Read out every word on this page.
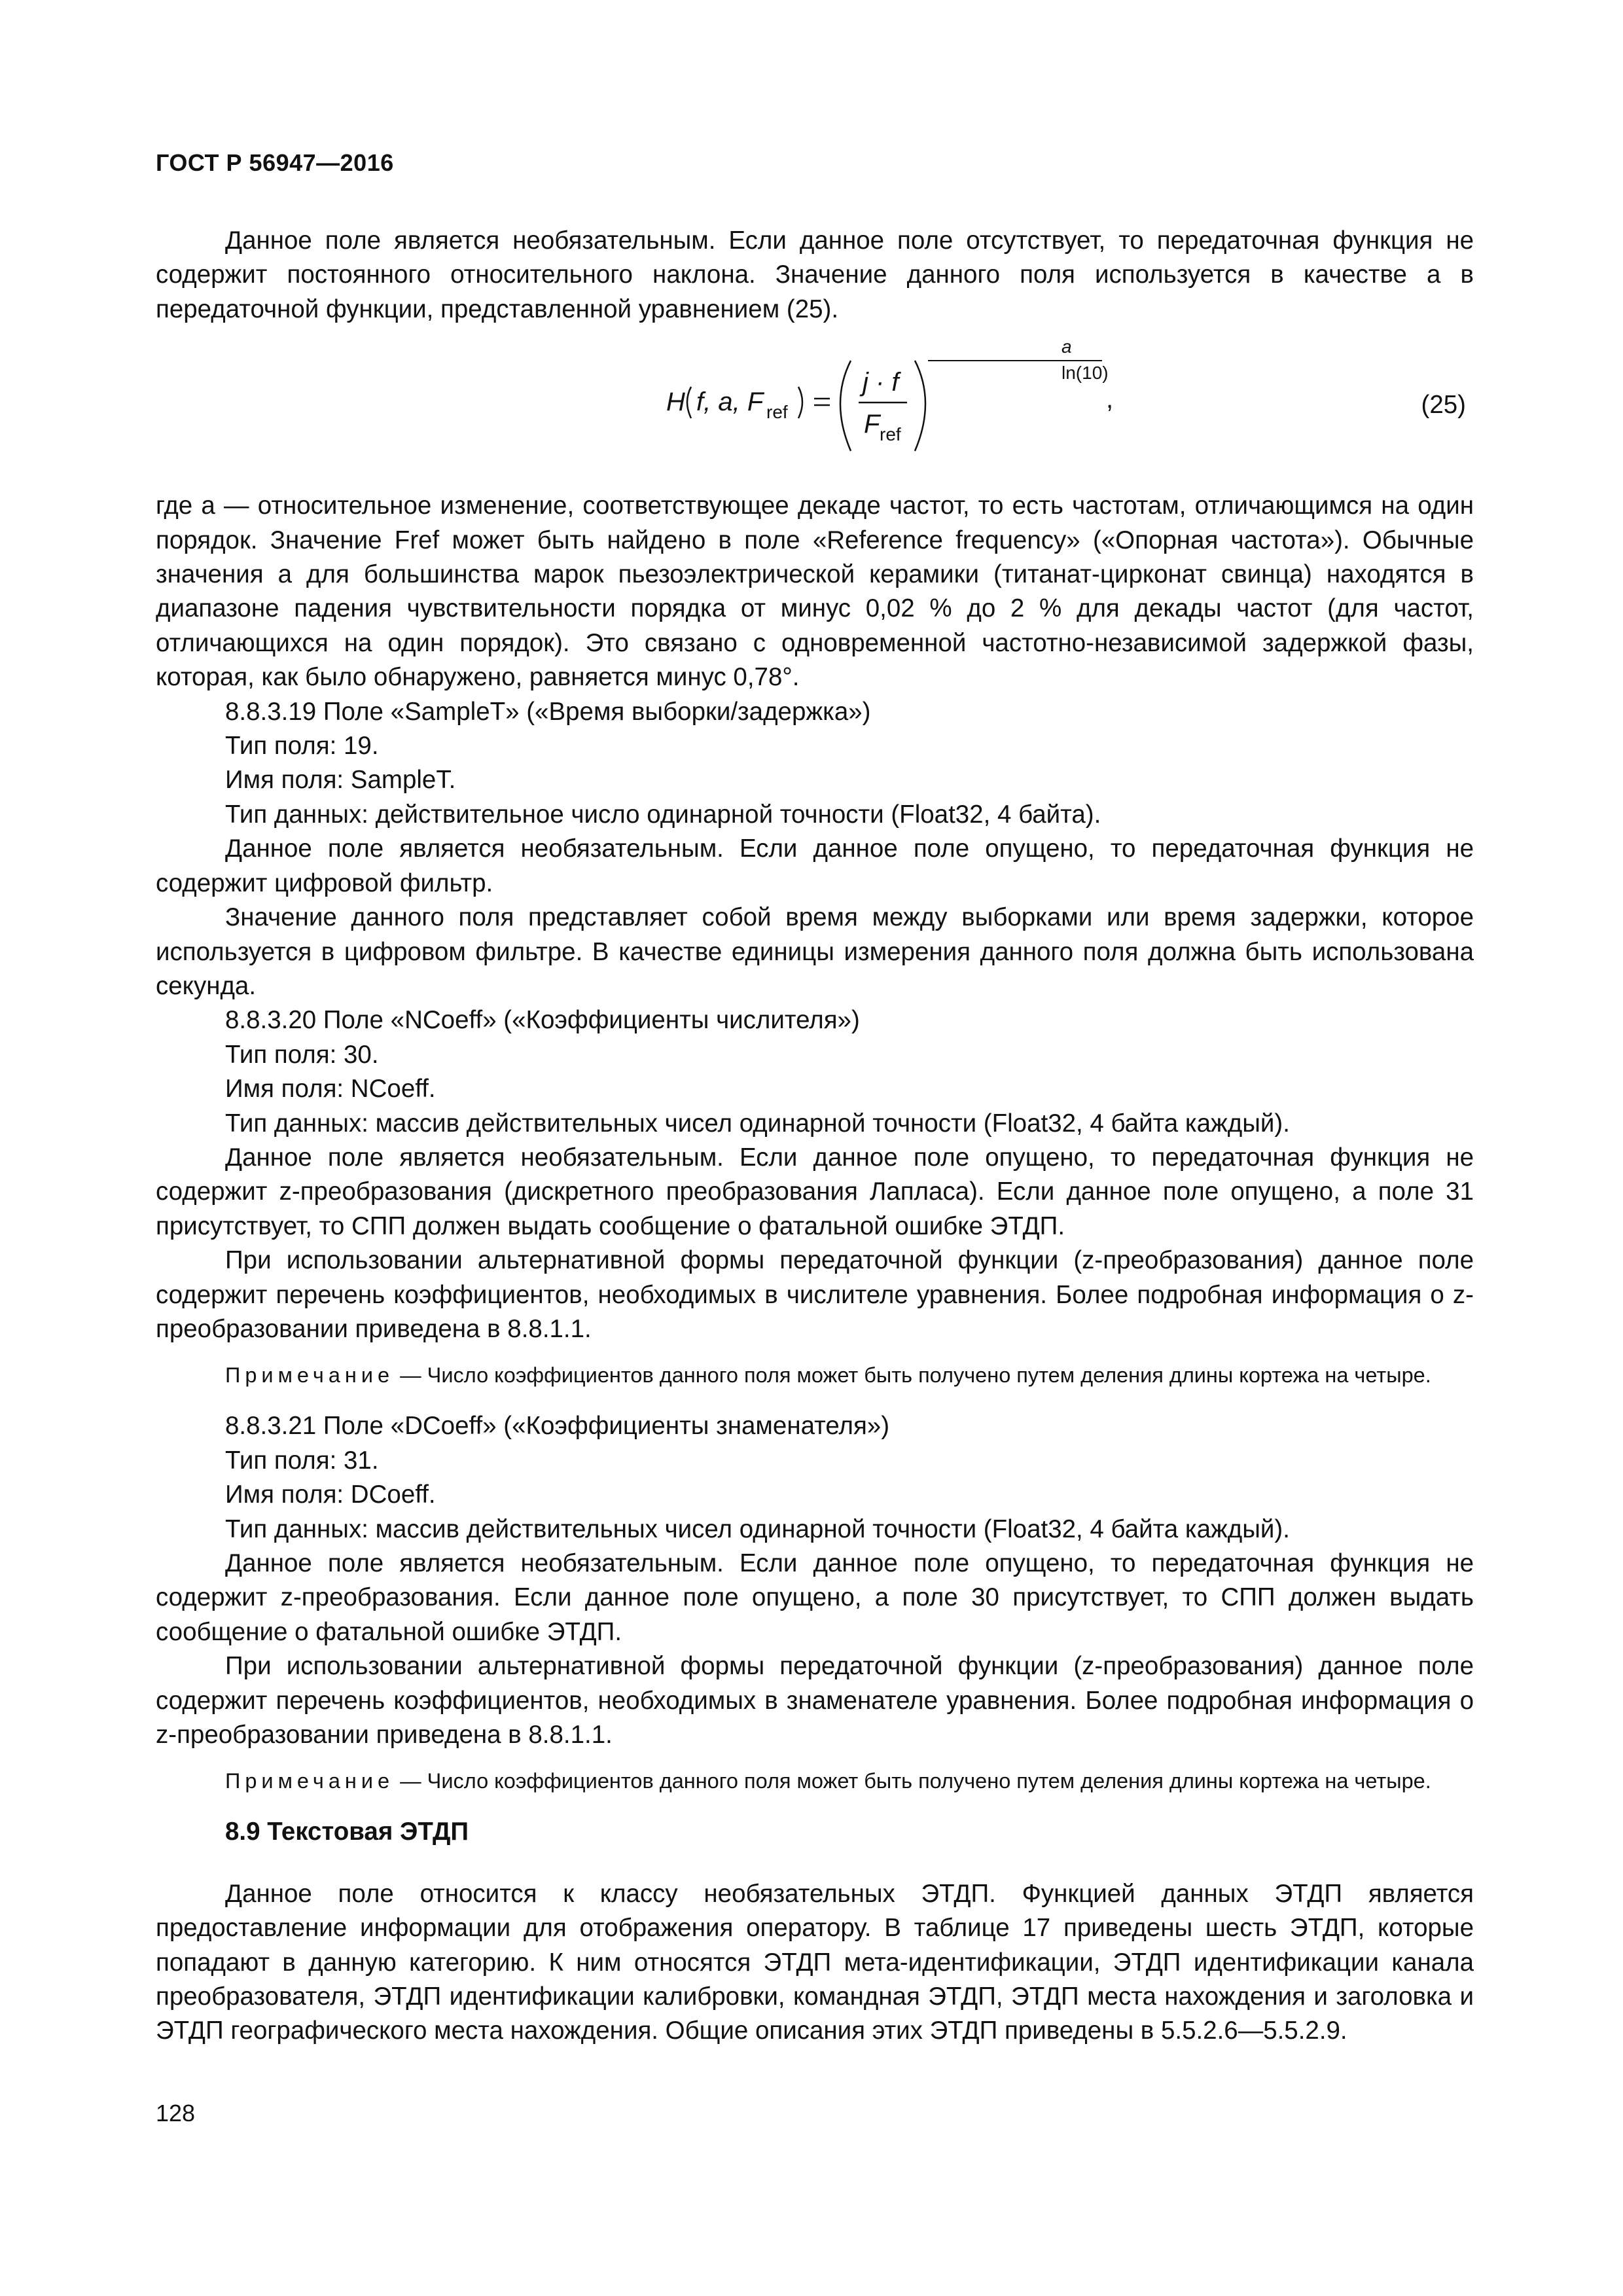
ГОСТ Р 56947—2016

Данное поле является необязательным. Если данное поле отсутствует, то передаточная функция не содержит постоянного относительного наклона. Значение данного поля используется в качестве a в передаточной функции, представленной уравнением (25).

H f, a, F ref
j · f
F ref
a
ln(10)
,	(25)

где a — относительное изменение, соответствующее декаде частот, то есть частотам, отличающимся на один порядок. Значение Fref может быть найдено в поле «Reference frequency» («Опорная частота»). Обычные значения a для большинства марок пьезоэлектрической керамики (титанат-цирконат свинца) находятся в диапазоне падения чувствительности порядка от минус 0,02 % до 2 % для декады частот (для частот, отличающихся на один порядок). Это связано с одновременной частотно-независимой задержкой фазы, которая, как было обнаружено, равняется минус 0,78°.

8.8.3.19 Поле «SampleT» («Время выборки/задержка»)

Тип поля: 19.

Имя поля: SampleT.

Тип данных: действительное число одинарной точности (Float32, 4 байта).

Данное поле является необязательным. Если данное поле опущено, то передаточная функция не содержит цифровой фильтр.

Значение данного поля представляет собой время между выборками или время задержки, которое используется в цифровом фильтре. В качестве единицы измерения данного поля должна быть использована секунда.

8.8.3.20 Поле «NCoeff» («Коэффициенты числителя»)

Тип поля: 30.

Имя поля: NCoeff.

Тип данных: массив действительных чисел одинарной точности (Float32, 4 байта каждый).

Данное поле является необязательным. Если данное поле опущено, то передаточная функция не содержит z-преобразования (дискретного преобразования Лапласа). Если данное поле опущено, а поле 31 присутствует, то СПП должен выдать сообщение о фатальной ошибке ЭТДП.

При использовании альтернативной формы передаточной функции (z-преобразования) данное поле содержит перечень коэффициентов, необходимых в числителе уравнения. Более подробная информация о z-преобразовании приведена в 8.8.1.1.

Примечание — Число коэффициентов данного поля может быть получено путем деления длины кортежа на четыре.

8.8.3.21 Поле «DCoeff» («Коэффициенты знаменателя»)

Тип поля: 31.

Имя поля: DCoeff.

Тип данных: массив действительных чисел одинарной точности (Float32, 4 байта каждый).

Данное поле является необязательным. Если данное поле опущено, то передаточная функция не содержит z-преобразования. Если данное поле опущено, а поле 30 присутствует, то СПП должен выдать сообщение о фатальной ошибке ЭТДП.

При использовании альтернативной формы передаточной функции (z-преобразования) данное поле содержит перечень коэффициентов, необходимых в знаменателе уравнения. Более подробная информация о z-преобразовании приведена в 8.8.1.1.

Примечание — Число коэффициентов данного поля может быть получено путем деления длины кортежа на четыре.
8.9 Текстовая ЭТДП

Данное поле относится к классу необязательных ЭТДП. Функцией данных ЭТДП является предоставление информации для отображения оператору. В таблице 17 приведены шесть ЭТДП, которые попадают в данную категорию. К ним относятся ЭТДП мета-идентификации, ЭТДП идентификации канала преобразователя, ЭТДП идентификации калибровки, командная ЭТДП, ЭТДП места нахождения и заголовка и ЭТДП географического места нахождения. Общие описания этих ЭТДП приведены в 5.5.2.6—5.5.2.9.

128
